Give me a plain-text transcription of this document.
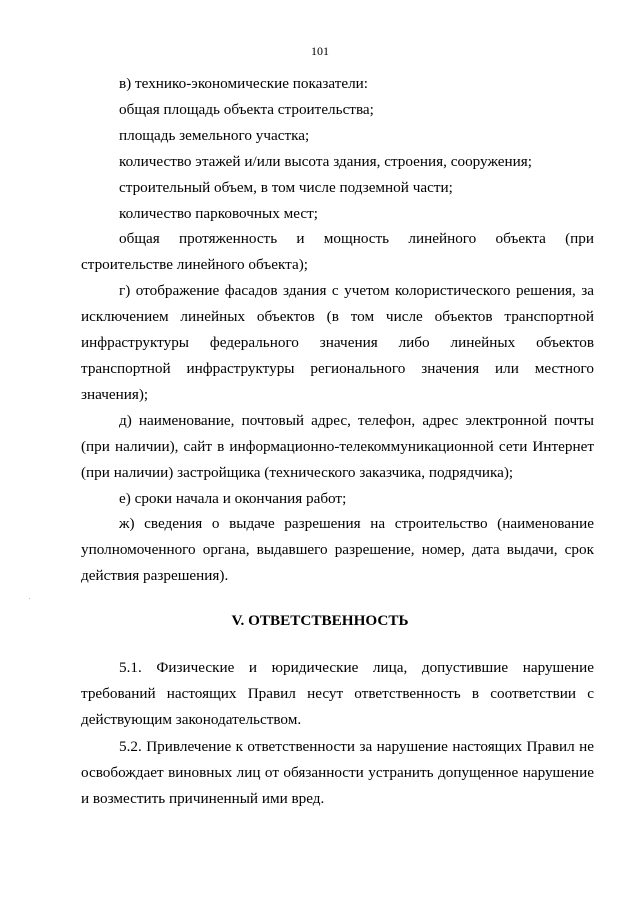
101

в) технико-экономические показатели:

общая площадь объекта строительства;

площадь земельного участка;

количество этажей и/или высота здания, строения, сооружения;

строительный объем, в том числе подземной части;

количество парковочных мест;

общая протяженность и мощность линейного объекта (при строительстве линейного объекта);

г) отображение фасадов здания с учетом колористического решения, за исключением линейных объектов (в том числе объектов транспортной инфраструктуры федерального значения либо линейных объектов транспортной инфраструктуры регионального значения или местного значения);

д) наименование, почтовый адрес, телефон, адрес электронной почты (при наличии), сайт в информационно-телекоммуникационной сети Интернет (при наличии) застройщика (технического заказчика, подрядчика);

е) сроки начала и окончания работ;

ж) сведения о выдаче разрешения на строительство (наименование уполномоченного органа, выдавшего разрешение, номер, дата выдачи, срок действия разрешения).

V. ОТВЕТСТВЕННОСТЬ

5.1. Физические и юридические лица, допустившие нарушение требований настоящих Правил несут ответственность в соответствии с действующим законодательством.

5.2. Привлечение к ответственности за нарушение настоящих Правил не освобождает виновных лиц от обязанности устранить допущенное нарушение и возместить причиненный ими вред.
